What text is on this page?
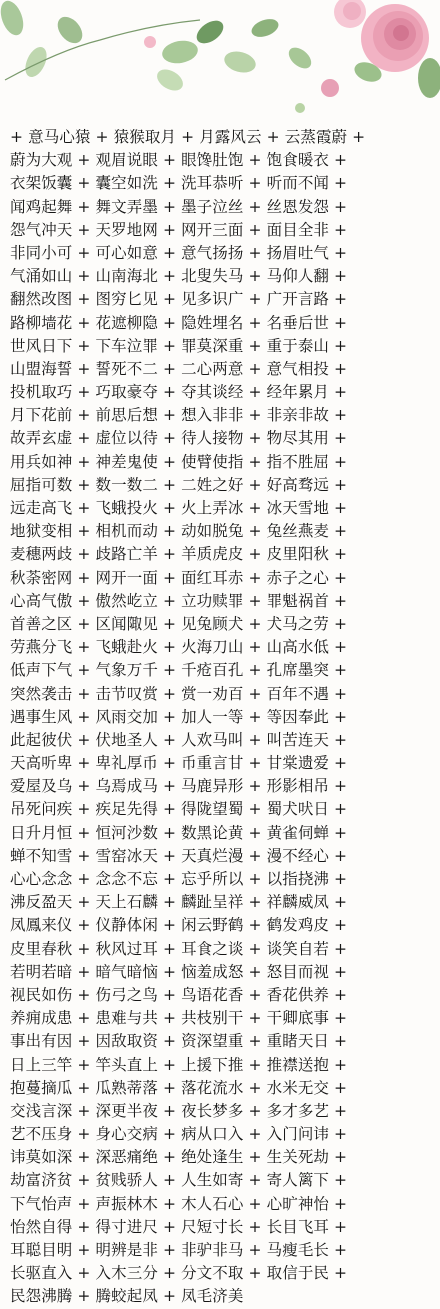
+ 意马心猿 + 猿猴取月 + 月露风云 + 云蒸霞蔚 +
蔚为大观 + 观眉说眼 + 眼馋肚饱 + 饱食暖衣 +
衣架饭囊 + 囊空如洗 + 洗耳恭听 + 听而不闻 +
闻鸡起舞 + 舞文弄墨 + 墨子泣丝 + 丝恩发怨 +
怨气冲天 + 天罗地网 + 网开三面 + 面目全非 +
非同小可 + 可心如意 + 意气扬扬 + 扬眉吐气 +
气涌如山 + 山南海北 + 北叟失马 + 马仰人翻 +
翻然改图 + 图穷匕见 + 见多识广 + 广开言路 +
路柳墙花 + 花遮柳隐 + 隐姓埋名 + 名垂后世 +
世风日下 + 下车泣罪 + 罪莫深重 + 重于泰山 +
山盟海誓 + 誓死不二 + 二心两意 + 意气相投 +
投机取巧 + 巧取豪夺 + 夺其谈经 + 经年累月 +
月下花前 + 前思后想 + 想入非非 + 非亲非故 +
故弄玄虚 + 虚位以待 + 待人接物 + 物尽其用 +
用兵如神 + 神差鬼使 + 使臂使指 + 指不胜屈 +
屈指可数 + 数一数二 + 二姓之好 + 好高骛远 +
远走高飞 + 飞蛾投火 + 火上弄冰 + 冰天雪地 +
地狱变相 + 相机而动 + 动如脱兔 + 兔丝燕麦 +
麦穗两歧 + 歧路亡羊 + 羊质虎皮 + 皮里阳秋 +
秋荼密网 + 网开一面 + 面红耳赤 + 赤子之心 +
心高气傲 + 傲然屹立 + 立功赎罪 + 罪魁祸首 +
首善之区 + 区闻陬见 + 见兔顾犬 + 犬马之劳 +
劳燕分飞 + 飞蛾赴火 + 火海刀山 + 山高水低 +
低声下气 + 气象万千 + 千疮百孔 + 孔席墨突 +
突然袭击 + 击节叹赏 + 赏一劝百 + 百年不遇 +
遇事生风 + 风雨交加 + 加人一等 + 等因奉此 +
此起彼伏 + 伏地圣人 + 人欢马叫 + 叫苦连天 +
天高听卑 + 卑礼厚币 + 币重言甘 + 甘棠遗爱 +
爱屋及乌 + 乌焉成马 + 马鹿异形 + 形影相吊 +
吊死问疾 + 疾足先得 + 得陇望蜀 + 蜀犬吠日 +
日升月恒 + 恒河沙数 + 数黑论黄 + 黄雀伺蝉 +
蝉不知雪 + 雪窑冰天 + 天真烂漫 + 漫不经心 +
心心念念 + 念念不忘 + 忘乎所以 + 以指挠沸 +
沸反盈天 + 天上石麟 + 麟趾呈祥 + 祥麟威凤 +
凤鳳来仪 + 仪静体闲 + 闲云野鹤 + 鹤发鸡皮 +
皮里春秋 + 秋风过耳 + 耳食之谈 + 谈笑自若 +
若明若暗 + 暗气暗恼 + 恼羞成怒 + 怒目而视 +
视民如伤 + 伤弓之鸟 + 鸟语花香 + 香花供养 +
养痈成患 + 患难与共 + 共枝别干 + 干卿底事 +
事出有因 + 因敌取资 + 资深望重 + 重睹天日 +
日上三竿 + 竿头直上 + 上援下推 + 推襟送抱 +
抱蔓摘瓜 + 瓜熟蒂落 + 落花流水 + 水米无交 +
交浅言深 + 深更半夜 + 夜长梦多 + 多才多艺 +
艺不压身 + 身心交病 + 病从口入 + 入门问讳 +
讳莫如深 + 深恶痛绝 + 绝处逢生 + 生关死劫 +
劫富济贫 + 贫贱骄人 + 人生如寄 + 寄人篱下 +
下气怡声 + 声振林木 + 木人石心 + 心旷神怡 +
怡然自得 + 得寸进尺 + 尺短寸长 + 长目飞耳 +
耳聪目明 + 明辨是非 + 非驴非马 + 马瘦毛长 +
长驱直入 + 入木三分 + 分文不取 + 取信于民 +
民怨沸腾 + 腾蛟起凤 + 凤毛济美
